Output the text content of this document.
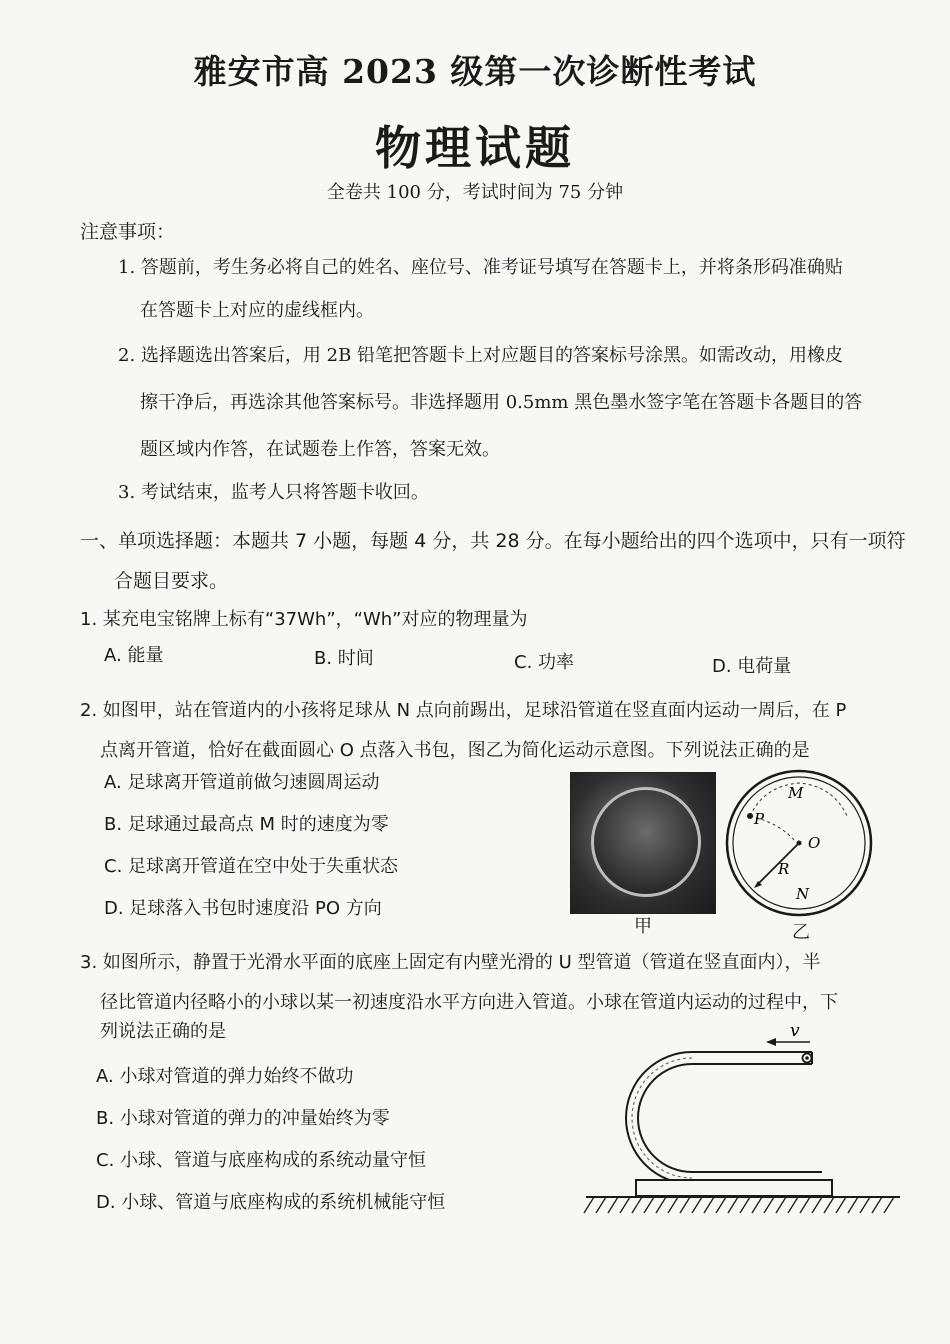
雅安市高 2023 级第一次诊断性考试
物理试题
全卷共 100 分，考试时间为 75 分钟
注意事项：
1. 答题前，考生务必将自己的姓名、座位号、准考证号填写在答题卡上，并将条形码准确贴
在答题卡上对应的虚线框内。
2. 选择题选出答案后，用 2B 铅笔把答题卡上对应题目的答案标号涂黑。如需改动，用橡皮
擦干净后，再选涂其他答案标号。非选择题用 0.5mm 黑色墨水签字笔在答题卡各题目的答
题区域内作答，在试题卷上作答，答案无效。
3. 考试结束，监考人只将答题卡收回。
一、单项选择题：本题共 7 小题，每题 4 分，共 28 分。在每小题给出的四个选项中，只有一项符
合题目要求。
1. 某充电宝铭牌上标有“37Wh”，“Wh”对应的物理量为
A. 能量	B. 时间	C. 功率	D. 电荷量
2. 如图甲，站在管道内的小孩将足球从 N 点向前踢出，足球沿管道在竖直面内运动一周后，在 P
点离开管道，恰好在截面圆心 O 点落入书包，图乙为简化运动示意图。下列说法正确的是
A. 足球离开管道前做匀速圆周运动
B. 足球通过最高点 M 时的速度为零
C. 足球离开管道在空中处于失重状态
D. 足球落入书包时速度沿 PO 方向
甲
M
P
O
R
N
乙
3. 如图所示，静置于光滑水平面的底座上固定有内壁光滑的 U 型管道（管道在竖直面内），半
径比管道内径略小的小球以某一初速度沿水平方向进入管道。小球在管道内运动的过程中，下
列说法正确的是
A. 小球对管道的弹力始终不做功
B. 小球对管道的弹力的冲量始终为零
C. 小球、管道与底座构成的系统动量守恒
D. 小球、管道与底座构成的系统机械能守恒
v
